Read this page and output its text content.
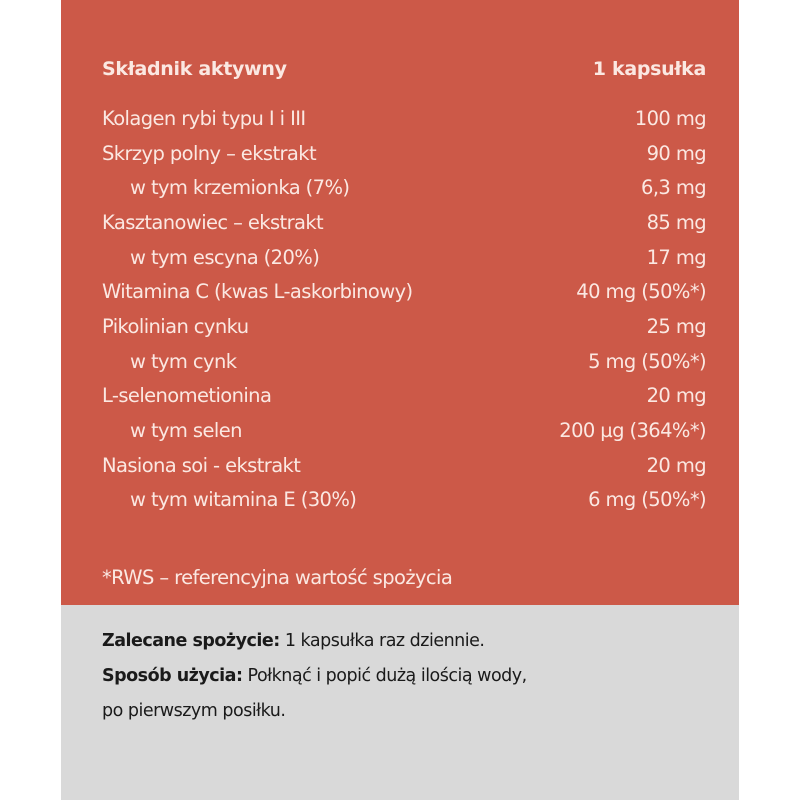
Składnik aktywny	1 kapsułka
Kolagen rybi typu I i III	100 mg
Skrzyp polny – ekstrakt	90 mg
w tym krzemionka (7%)	6,3 mg
Kasztanowiec – ekstrakt	85 mg
w tym escyna (20%)	17 mg
Witamina C (kwas L-askorbinowy)	40 mg (50%*)
Pikolinian cynku	25 mg
w tym cynk	5 mg (50%*)
L-selenometionina	20 mg
w tym selen	200 µg (364%*)
Nasiona soi - ekstrakt	20 mg
w tym witamina E (30%)	6 mg (50%*)
*RWS – referencyjna wartość spożycia
Zalecane spożycie: 1 kapsułka raz dziennie.
Sposób użycia: Połknąć i popić dużą ilością wody,
po pierwszym posiłku.
